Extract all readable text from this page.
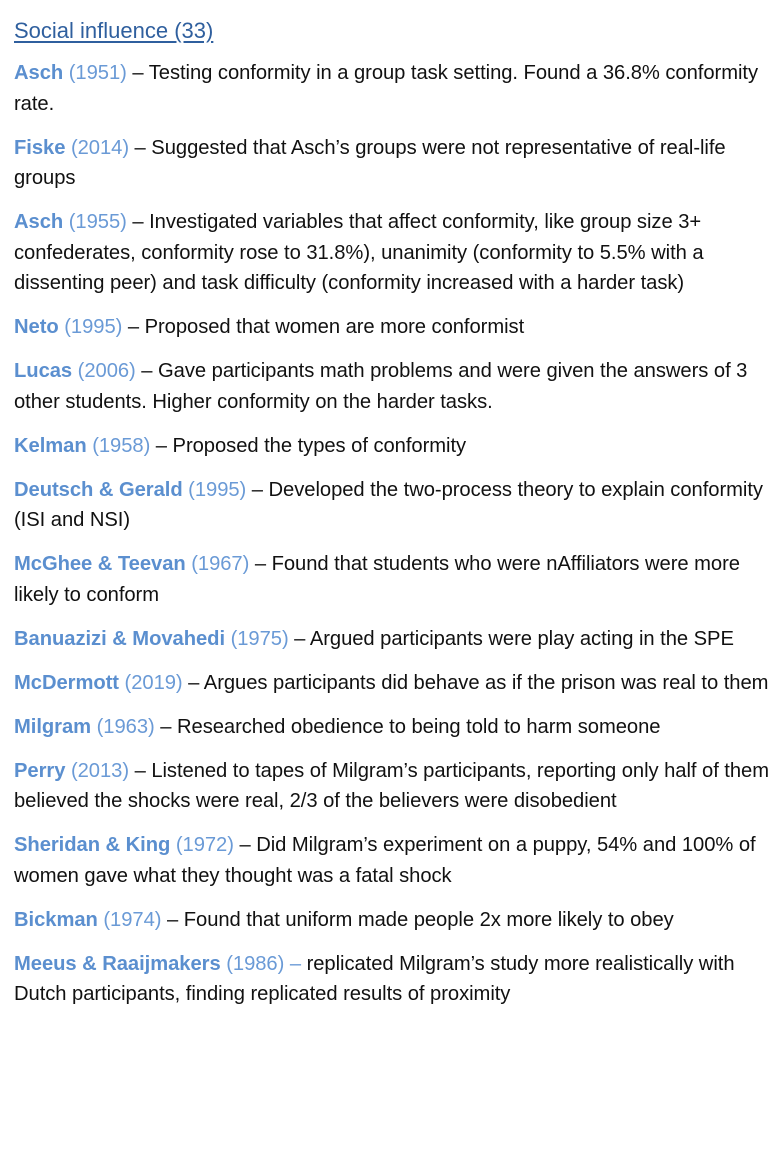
Social influence (33)
Asch (1951) – Testing conformity in a group task setting. Found a 36.8% conformity rate.
Fiske (2014) – Suggested that Asch’s groups were not representative of real-life groups
Asch (1955) – Investigated variables that affect conformity, like group size 3+ confederates, conformity rose to 31.8%), unanimity (conformity to 5.5% with a dissenting peer) and task difficulty (conformity increased with a harder task)
Neto (1995) – Proposed that women are more conformist
Lucas (2006) – Gave participants math problems and were given the answers of 3 other students. Higher conformity on the harder tasks.
Kelman (1958) – Proposed the types of conformity
Deutsch & Gerald (1995) – Developed the two-process theory to explain conformity (ISI and NSI)
McGhee & Teevan (1967) – Found that students who were nAffiliators were more likely to conform
Banuazizi & Movahedi (1975) – Argued participants were play acting in the SPE
McDermott (2019) – Argues participants did behave as if the prison was real to them
Milgram (1963) – Researched obedience to being told to harm someone
Perry (2013) – Listened to tapes of Milgram’s participants, reporting only half of them believed the shocks were real, 2/3 of the believers were disobedient
Sheridan & King (1972) – Did Milgram’s experiment on a puppy, 54% and 100% of women gave what they thought was a fatal shock
Bickman (1974) – Found that uniform made people 2x more likely to obey
Meeus & Raaijmakers (1986) – replicated Milgram’s study more realistically with Dutch participants, finding replicated results of proximity
